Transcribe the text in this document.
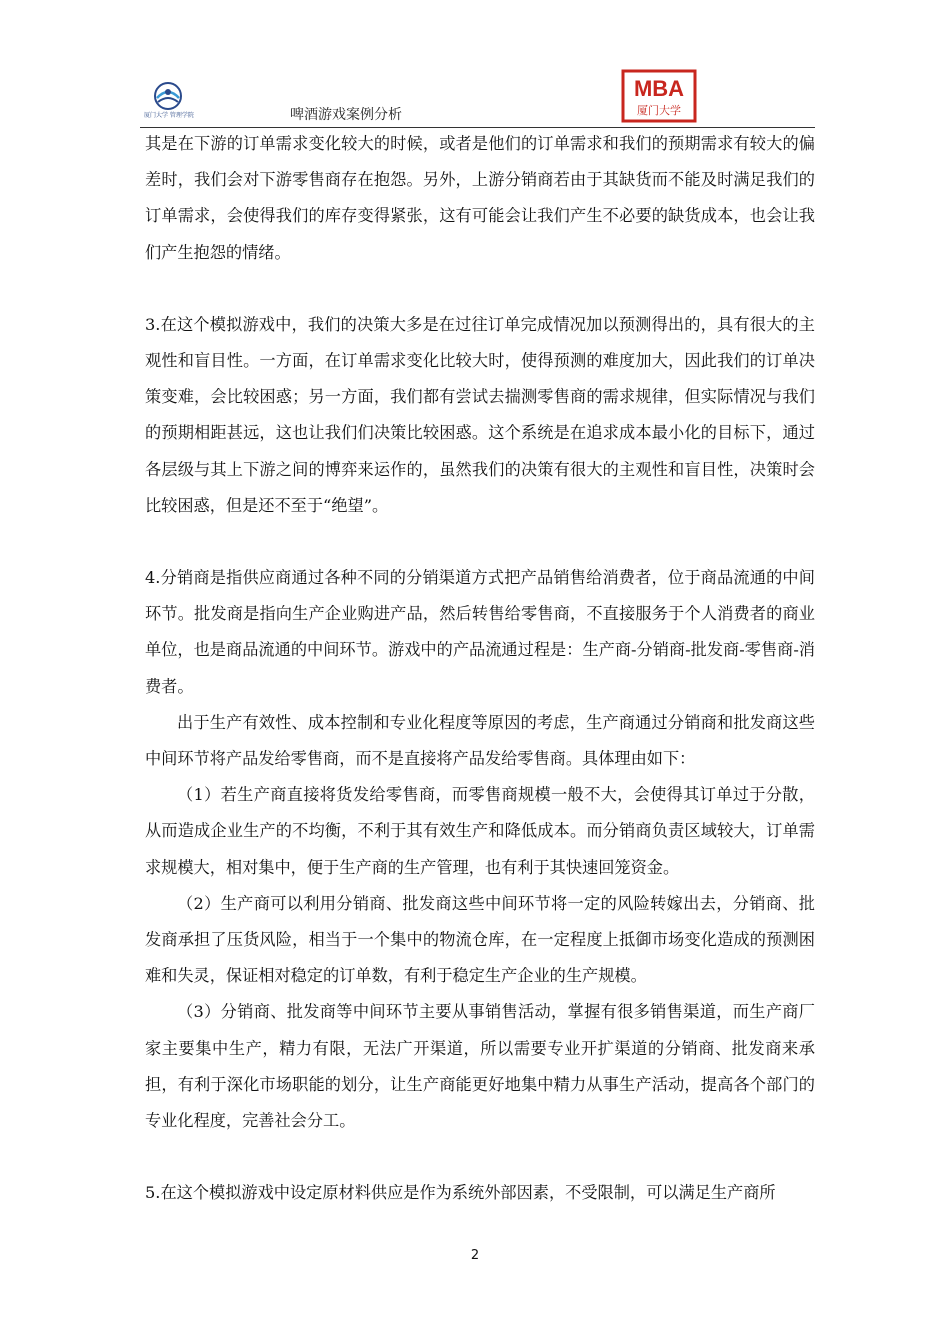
厦门大学 管理学院	啤酒游戏案例分析
MBA
厦门大学

其是在下游的订单需求变化较大的时候，或者是他们的订单需求和我们的预期需求有较大的偏差时，我们会对下游零售商存在抱怨。另外，上游分销商若由于其缺货而不能及时满足我们的订单需求，会使得我们的库存变得紧张，这有可能会让我们产生不必要的缺货成本，也会让我们产生抱怨的情绪。

3.在这个模拟游戏中，我们的决策大多是在过往订单完成情况加以预测得出的，具有很大的主观性和盲目性。一方面，在订单需求变化比较大时，使得预测的难度加大，因此我们的订单决策变难，会比较困惑；另一方面，我们都有尝试去揣测零售商的需求规律，但实际情况与我们的预期相距甚远，这也让我们们决策比较困惑。这个系统是在追求成本最小化的目标下，通过各层级与其上下游之间的博弈来运作的，虽然我们的决策有很大的主观性和盲目性，决策时会比较困惑，但是还不至于“绝望”。

4.分销商是指供应商通过各种不同的分销渠道方式把产品销售给消费者，位于商品流通的中间环节。批发商是指向生产企业购进产品，然后转售给零售商，不直接服务于个人消费者的商业单位，也是商品流通的中间环节。游戏中的产品流通过程是：生产商-分销商-批发商-零售商-消费者。

出于生产有效性、成本控制和专业化程度等原因的考虑，生产商通过分销商和批发商这些中间环节将产品发给零售商，而不是直接将产品发给零售商。具体理由如下：

（1）若生产商直接将货发给零售商，而零售商规模一般不大，会使得其订单过于分散，从而造成企业生产的不均衡，不利于其有效生产和降低成本。而分销商负责区域较大，订单需求规模大，相对集中，便于生产商的生产管理，也有利于其快速回笼资金。

（2）生产商可以利用分销商、批发商这些中间环节将一定的风险转嫁出去，分销商、批发商承担了压货风险，相当于一个集中的物流仓库，在一定程度上抵御市场变化造成的预测困难和失灵，保证相对稳定的订单数，有利于稳定生产企业的生产规模。

（3）分销商、批发商等中间环节主要从事销售活动，掌握有很多销售渠道，而生产商厂家主要集中生产，精力有限，无法广开渠道，所以需要专业开扩渠道的分销商、批发商来承担，有利于深化市场职能的划分，让生产商能更好地集中精力从事生产活动，提高各个部门的专业化程度，完善社会分工。

5.在这个模拟游戏中设定原材料供应是作为系统外部因素，不受限制，可以满足生产商所

2
